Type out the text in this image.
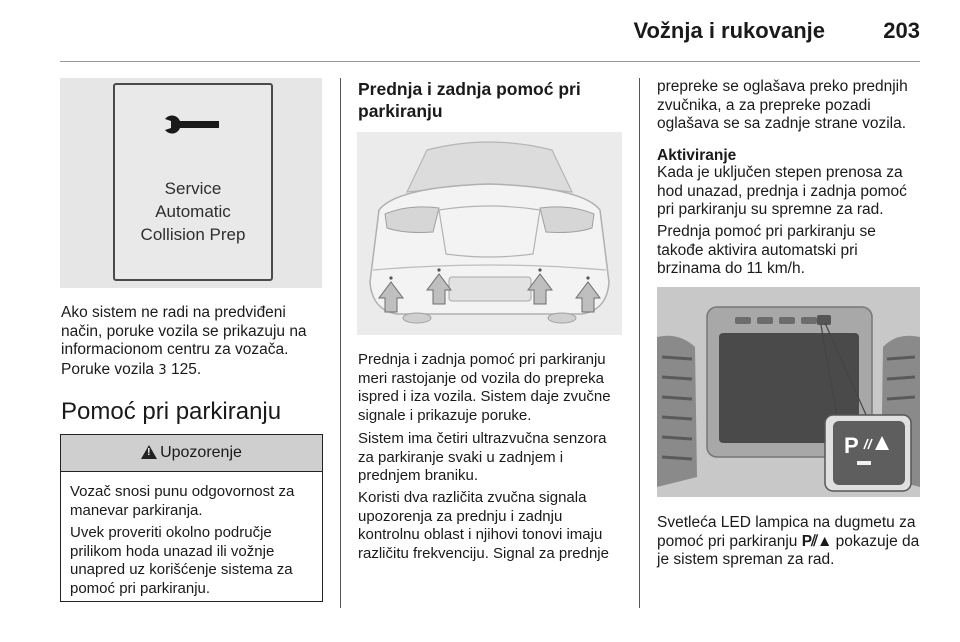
Vožnja i rukovanje	203
Service
Automatic
Collision Prep
Ako sistem ne radi na predviđeni način, poruke vozila se prikazuju na informacionom centru za vozača.
Poruke vozila 3 125.
Pomoć pri parkiranju
!
Upozorenje
Vozač snosi punu odgovornost za manevar parkiranja.
Uvek proveriti okolno područje prilikom hoda unazad ili vožnje unapred uz korišćenje sistema za pomoć pri parkiranju.
Prednja i zadnja pomoć pri parkiranju
Prednja i zadnja pomoć pri parkiranju meri rastojanje od vozila do prepreka ispred i iza vozila. Sistem daje zvučne signale i prikazuje poruke.
Sistem ima četiri ultrazvučna senzora za parkiranje svaki u zadnjem i prednjem braniku.
Koristi dva različita zvučna signala upozorenja za prednju i zadnju kontrolnu oblast i njihovi tonovi imaju različitu frekvenciju. Signal za prednje
prepreke se oglašava preko prednjih zvučnika, a za prepreke pozadi oglašava se sa zadnje strane vozila.
Aktiviranje
Kada je uključen stepen prenosa za hod unazad, prednja i zadnja pomoć pri parkiranju su spremne za rad.
Prednja pomoć pri parkiranju se takođe aktivira automatski pri brzinama do 11 km/h.
P
Svetleća LED lampica na dugmetu za pomoć pri parkiranju P⫽▲ pokazuje da je sistem spreman za rad.
